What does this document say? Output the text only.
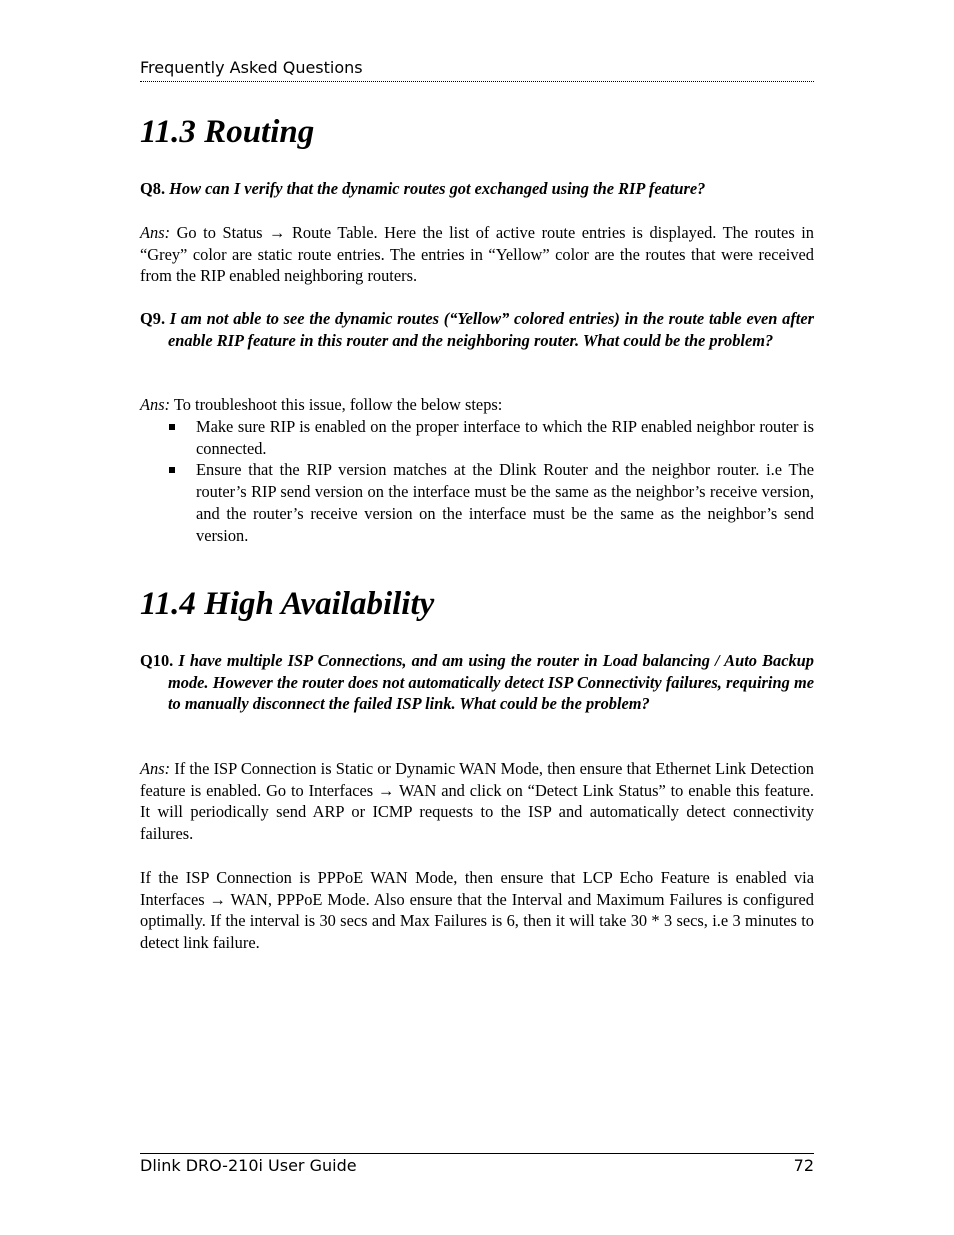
Frequently Asked Questions
11.3 Routing

Q8. How can I verify that the dynamic routes got exchanged using the RIP feature?

Ans: Go to Status → Route Table. Here the list of active route entries is displayed. The routes in “Grey” color are static route entries. The entries in “Yellow” color are the routes that were received from the RIP enabled neighboring routers.

Q9. I am not able to see the dynamic routes (“Yellow” colored entries) in the route table even after enable RIP feature in this router and the neighboring router. What could be the problem?

Ans: To troubleshoot this issue, follow the below steps:

Make sure RIP is enabled on the proper interface to which the RIP enabled neighbor router is connected.
Ensure that the RIP version matches at the Dlink Router and the neighbor router. i.e The router’s RIP send version on the interface must be the same as the neighbor’s receive version, and the router’s receive version on the interface must be the same as the neighbor’s send version.
11.4 High Availability

Q10. I have multiple ISP Connections, and am using the router in Load balancing / Auto Backup mode. However the router does not automatically detect ISP Connectivity failures, requiring me to manually disconnect the failed ISP link. What could be the problem?

Ans: If the ISP Connection is Static or Dynamic WAN Mode, then ensure that Ethernet Link Detection feature is enabled. Go to Interfaces → WAN and click on “Detect Link Status” to enable this feature. It will periodically send ARP or ICMP requests to the ISP and automatically detect connectivity failures.

If the ISP Connection is PPPoE WAN Mode, then ensure that LCP Echo Feature is enabled via Interfaces → WAN, PPPoE Mode. Also ensure that the Interval and Maximum Failures is configured optimally. If the interval is 30 secs and Max Failures is 6, then it will take 30 * 3 secs, i.e 3 minutes to detect link failure.

Dlink DRO-210i User Guide	72
